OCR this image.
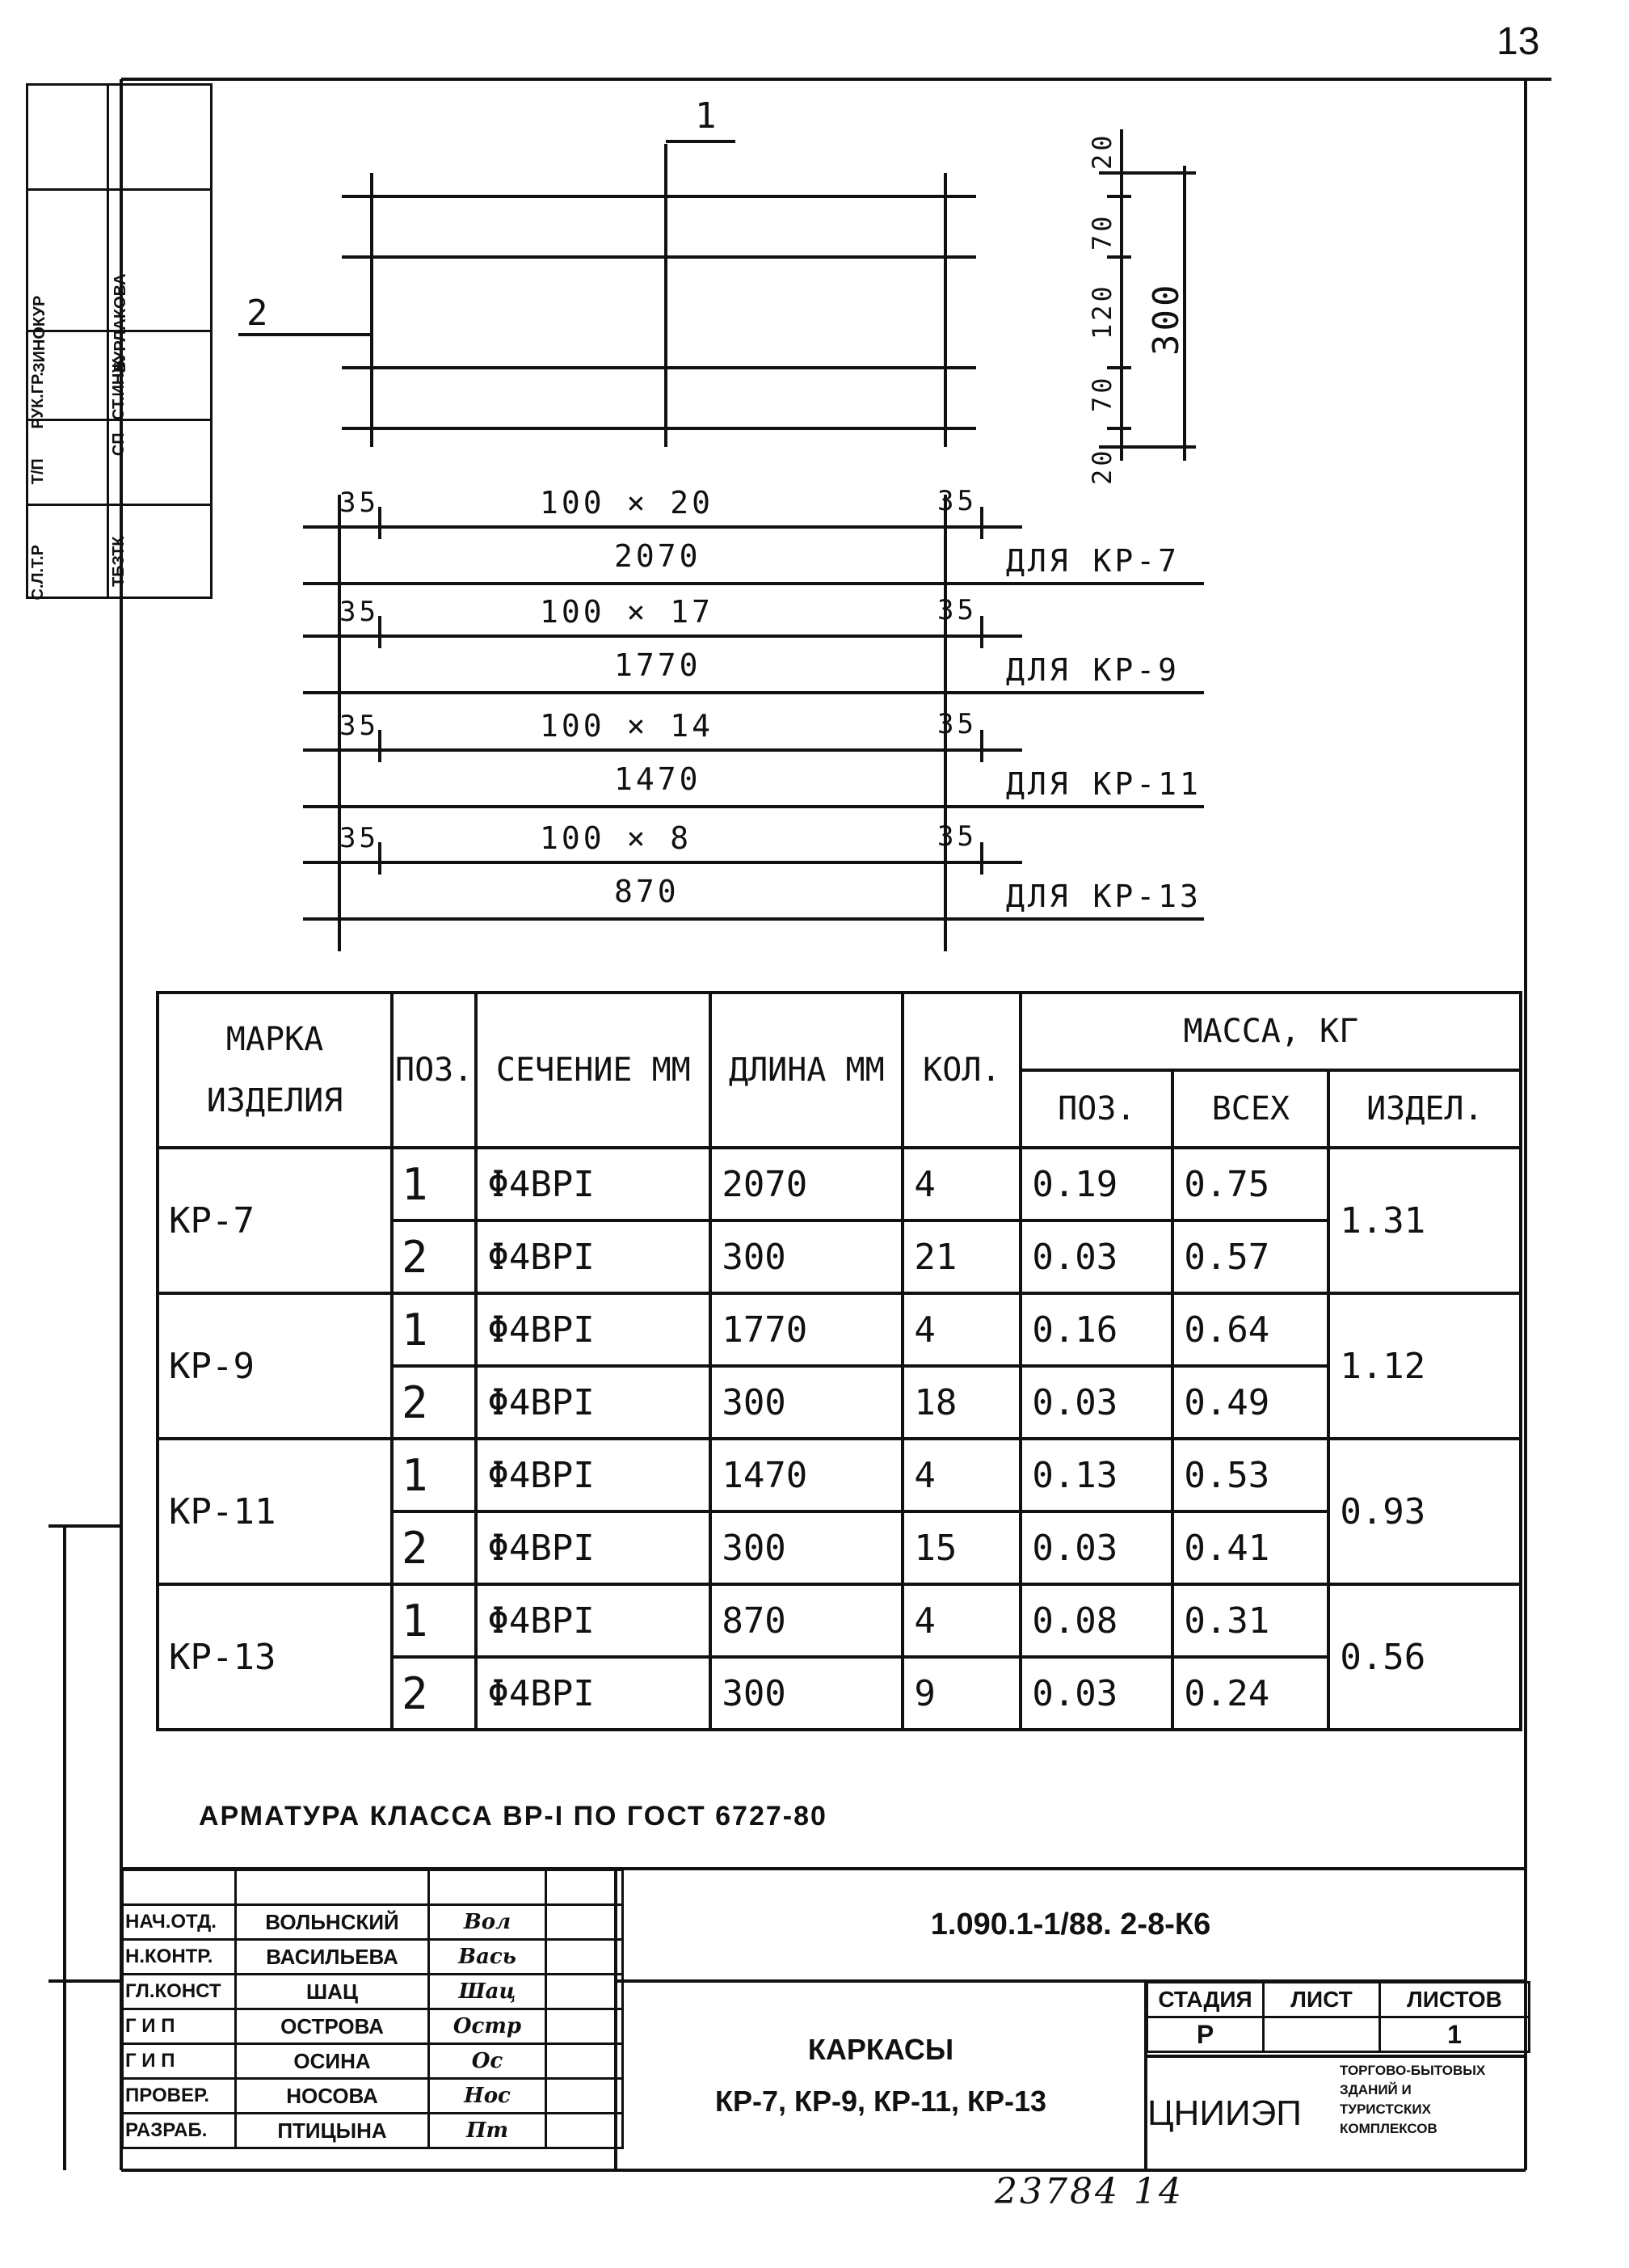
13

ЗИНОКУР	БУРЛАКОВА

РУК.ГР.	СТ.ИНЖ

Т/П	СП

С.Л.Т.Р	ТБЗТК
1
2
20
70
120
70
20
300
35	100 × 20	35
2070	ДЛЯ КР-7
35	100 × 17	35
1770	ДЛЯ КР-9
35	100 × 14	35
1470	ДЛЯ КР-11
35	100 × 8	35
870	ДЛЯ КР-13
МАРКА ИЗДЕЛИЯ	ПОЗ.	СЕЧЕНИЕ ММ	ДЛИНА ММ	КОЛ.	МАССА, КГ		
					ПОЗ.	ВСЕХ	ИЗДЕЛ.
КР-7	1	Φ4ВРI	2070	4	0.19	0.75	1.31
	2	Φ4ВРI	300	21	0.03	0.57	
КР-9	1	Φ4ВРI	1770	4	0.16	0.64	1.12
	2	Φ4ВРI	300	18	0.03	0.49	
КР-11	1	Φ4ВРI	1470	4	0.13	0.53	0.93
	2	Φ4ВРI	300	15	0.03	0.41	
КР-13	1	Φ4ВРI	870	4	0.08	0.31	0.56
	2	Φ4ВРI	300	9	0.03	0.24	
АРМАТУРА КЛАССА ВР-I ПО ГОСТ 6727-80

НАЧ.ОТД.	ВОЛЬНСКИЙ	Вол	
Н.КОНТР.	ВАСИЛЬЕВА	Вась	
ГЛ.КОНСТ	ШАЦ	Шац	
Г И П	ОСТРОВА	Остр	
Г И П	ОСИНА	Ос	
ПРОВЕР.	НОСОВА	Нос	
РАЗРАБ.	ПТИЦЫНА	Пт	
1.090.1-1/88. 2-8-К6
КАРКАСЫ
КР-7, КР-9, КР-11, КР-13
СТАДИЯ	ЛИСТ	ЛИСТОВ
Р		1
ЦНИИЭП
ТОРГОВО-БЫТОВЫХ ЗДАНИЙ И ТУРИСТСКИХ КОМПЛЕКСОВ
23784 14
